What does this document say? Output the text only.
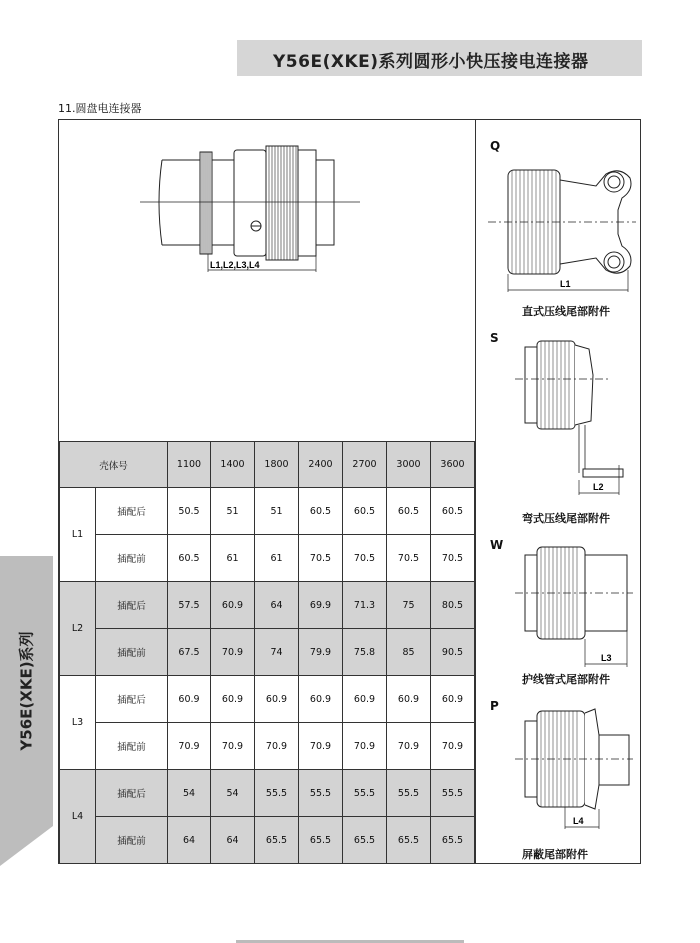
Y56E(XKE)系列圆形小快压接电连接器
11.圆盘电连接器
Y56E(XKE)系列
L1,L2,L3,L4
Q
L1
直式压线尾部附件
S
L2
弯式压线尾部附件
W
L3
护线管式尾部附件
P
L4
屏蔽尾部附件
壳体号		1100	1400	1800	2400	2700	3000	3600
L1	插配后	50.5	51	51	60.5	60.5	60.5	60.5
	插配前	60.5	61	61	70.5	70.5	70.5	70.5
L2	插配后	57.5	60.9	64	69.9	71.3	75	80.5
	插配前	67.5	70.9	74	79.9	75.8	85	90.5
L3	插配后	60.9	60.9	60.9	60.9	60.9	60.9	60.9
	插配前	70.9	70.9	70.9	70.9	70.9	70.9	70.9
L4	插配后	54	54	55.5	55.5	55.5	55.5	55.5
	插配前	64	64	65.5	65.5	65.5	65.5	65.5
